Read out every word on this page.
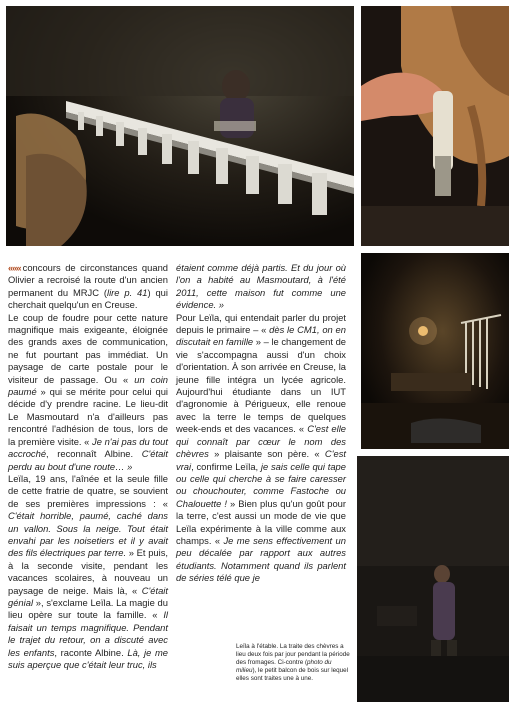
««« concours de circonstances quand Olivier a recroisé la route d'un ancien permanent du MRJC (lire p. 41) qui cherchait quelqu'un en Creuse.

Le coup de foudre pour cette nature magnifique mais exigeante, éloignée des grands axes de communication, ne fut pourtant pas immédiat. Un paysage de carte postale pour le visiteur de passage. Ou « un coin paumé » qui se mérite pour celui qui décide d'y prendre racine. Le lieu-dit Le Masmoutard n'a d'ailleurs pas rencontré l'adhésion de tous, lors de la première visite. « Je n'ai pas du tout accroché, reconnaît Albine. C'était perdu au bout d'une route… »

Leïla, 19 ans, l'aînée et la seule fille de cette fratrie de quatre, se souvient de ses premières impressions : « C'était horrible, paumé, caché dans un vallon. Sous la neige. Tout était envahi par les noisetiers et il y avait des fils électriques par terre. » Et puis, à la seconde visite, pendant les vacances scolaires, à nouveau un paysage de neige. Mais là, « C'était génial », s'exclame Leïla. La magie du lieu opère sur toute la famille. « Il faisait un temps magnifique. Pendant le trajet du retour, on a discuté avec les enfants, raconte Albine. Là, je me suis aperçue que c'était leur truc, ils

étaient comme déjà partis. Et du jour où l'on a habité au Masmoutard, à l'été 2011, cette maison fut comme une évidence. »

Pour Leïla, qui entendait parler du projet depuis le primaire – « dès le CM1, on en discutait en famille » – le changement de vie s'accompagna aussi d'un choix d'orientation. À son arrivée en Creuse, la jeune fille intégra un lycée agricole. Aujourd'hui étudiante dans un IUT d'agronomie à Périgueux, elle renoue avec la terre le temps de quelques week-ends et des vacances. « C'est elle qui connaît par cœur le nom des chèvres » plaisante son père. « C'est vrai, confirme Leïla, je sais celle qui tape ou celle qui cherche à se faire caresser ou chouchouter, comme Fastoche ou Chalouette ! » Bien plus qu'un goût pour la terre, c'est aussi un mode de vie que Leïla expérimente à la ville comme aux champs. « Je me sens effectivement un peu décalée par rapport aux autres étudiants. Notamment quand ils parlent de séries télé que je

Leïla à l'étable. La traite des chèvres a lieu deux fois par jour pendant la période des fromages. Ci-contre (photo du milieu), le petit balcon de bois sur lequel elles sont traites une à une.
